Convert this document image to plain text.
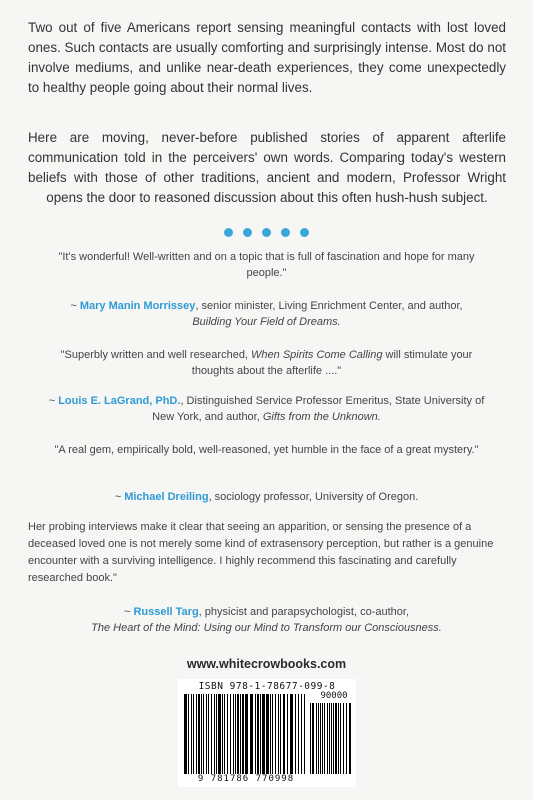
Two out of five Americans report sensing meaningful contacts with lost loved ones. Such contacts are usually comforting and surprisingly intense. Most do not involve mediums, and unlike near-death experiences, they come unexpectedly to healthy people going about their normal lives.
Here are moving, never-before published stories of apparent afterlife communication told in the perceivers' own words. Comparing today's western beliefs with those of other traditions, ancient and modern, Professor Wright opens the door to reasoned discussion about this often hush-hush subject.
"It's wonderful! Well-written and on a topic that is full of fascination and hope for many people."
~ Mary Manin Morrissey, senior minister, Living Enrichment Center, and author,
Building Your Field of Dreams.
"Superbly written and well researched, When Spirits Come Calling will stimulate your thoughts about the afterlife ...."
~ Louis E. LaGrand, PhD., Distinguished Service Professor Emeritus, State University of New York, and author, Gifts from the Unknown.
"A real gem, empirically bold, well-reasoned, yet humble in the face of a great mystery."
~ Michael Dreiling, sociology professor, University of Oregon.
Her probing interviews make it clear that seeing an apparition, or sensing the presence of a deceased loved one is not merely some kind of extrasensory perception, but rather is a genuine encounter with a surviving intelligence. I highly recommend this fascinating and carefully researched book."
~ Russell Targ, physicist and parapsychologist, co-author,
The Heart of the Mind: Using our Mind to Transform our Consciousness.
www.whitecrowbooks.com
ISBN 978-1-78677-099-8
90000
9 781786 770998
